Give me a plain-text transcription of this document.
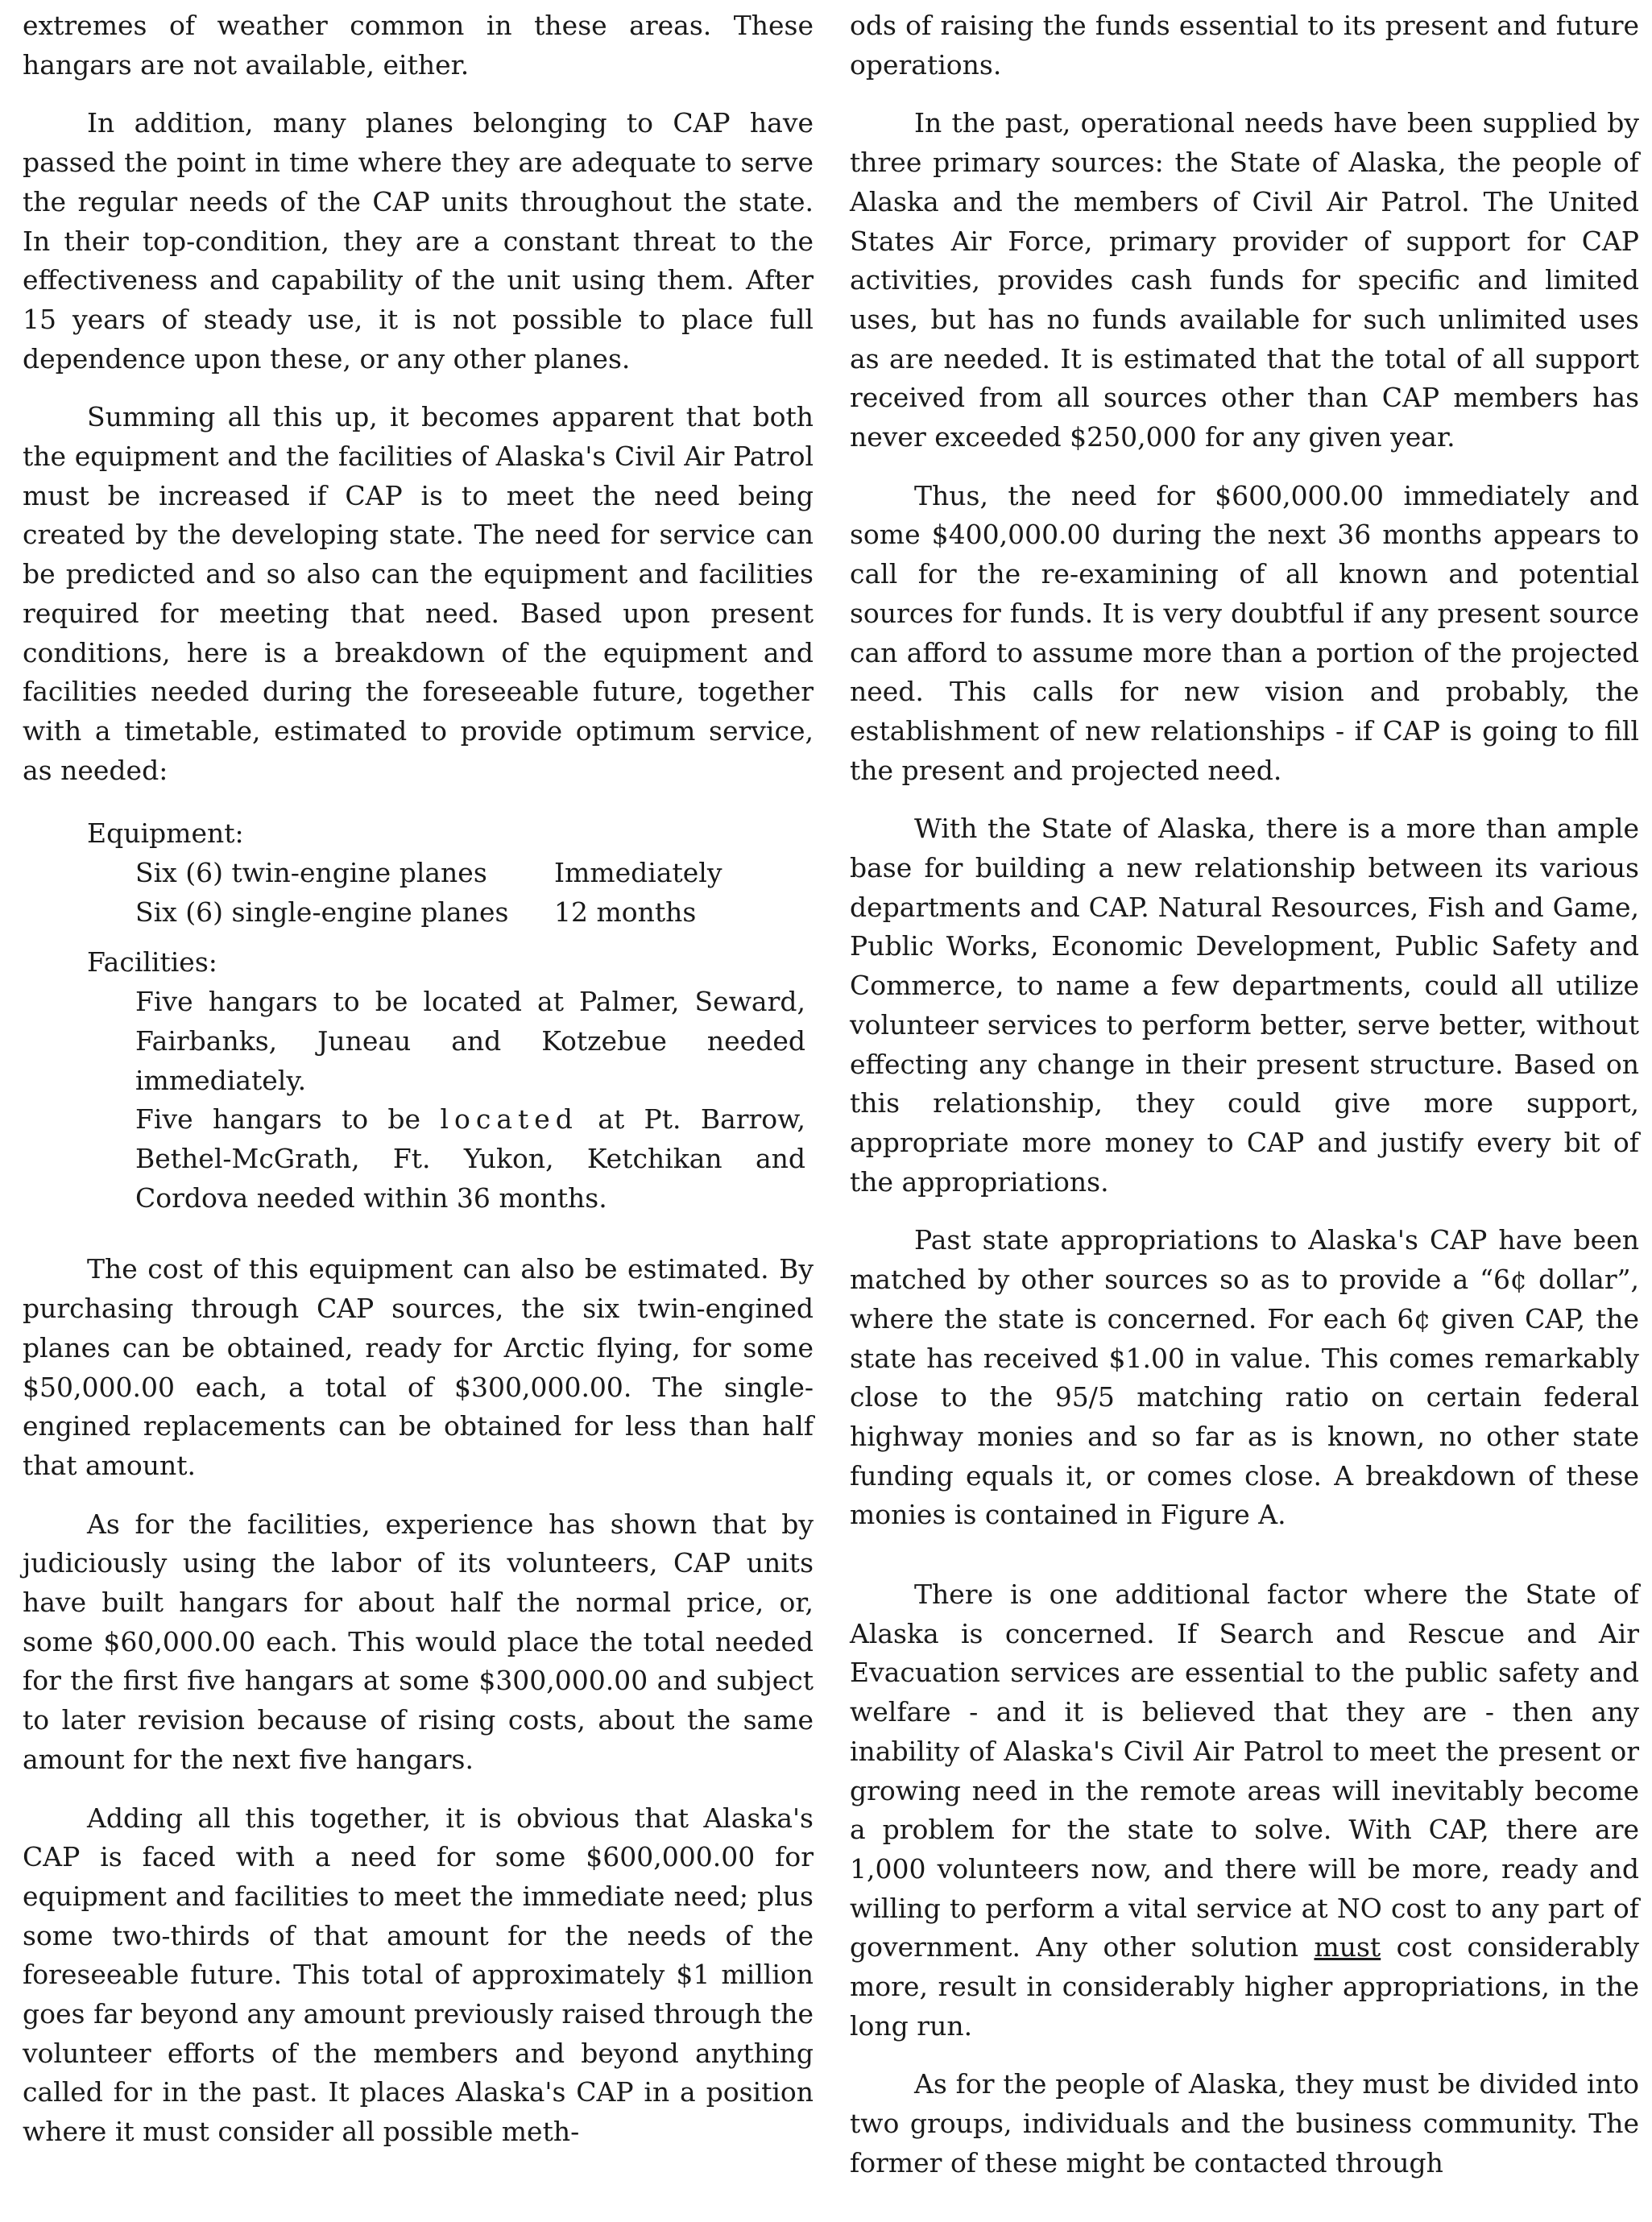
extremes of weather common in these areas. These hangars are not available, either.

In addition, many planes belonging to CAP have passed the point in time where they are adequate to serve the regular needs of the CAP units throughout the state. In their top-condition, they are a constant threat to the effectiveness and capability of the unit using them. After 15 years of steady use, it is not possible to place full dependence upon these, or any other planes.

Summing all this up, it becomes apparent that both the equipment and the facilities of Alaska's Civil Air Patrol must be increased if CAP is to meet the need being created by the developing state. The need for service can be predicted and so also can the equipment and facilities required for meeting that need. Based upon present conditions, here is a breakdown of the equipment and facilities needed during the foreseeable future, together with a timetable, estimated to provide optimum service, as needed:

Equipment:
Six (6) twin-engine planes	Immediately
Six (6) single-engine planes	12 months
Facilities:
Five hangars to be located at Palmer, Seward, Fairbanks, Juneau and Kotzebue needed immediately.
Five hangars to be located at Pt. Barrow, Bethel-McGrath, Ft. Yukon, Ketchikan and Cordova needed within 36 months.

The cost of this equipment can also be estimated. By purchasing through CAP sources, the six twin-engined planes can be obtained, ready for Arctic flying, for some $50,000.00 each, a total of $300,000.00. The single-engined replacements can be obtained for less than half that amount.

As for the facilities, experience has shown that by judiciously using the labor of its volunteers, CAP units have built hangars for about half the normal price, or, some $60,000.00 each. This would place the total needed for the first five hangars at some $300,000.00 and subject to later revision because of rising costs, about the same amount for the next five hangars.

Adding all this together, it is obvious that Alaska's CAP is faced with a need for some $600,000.00 for equipment and facilities to meet the immediate need; plus some two-thirds of that amount for the needs of the foreseeable future. This total of approximately $1 million goes far beyond any amount previously raised through the volunteer efforts of the members and beyond anything called for in the past. It places Alaska's CAP in a position where it must consider all possible meth-

ods of raising the funds essential to its present and future operations.

In the past, operational needs have been supplied by three primary sources: the State of Alaska, the people of Alaska and the members of Civil Air Patrol. The United States Air Force, primary provider of support for CAP activities, provides cash funds for specific and limited uses, but has no funds available for such unlimited uses as are needed. It is estimated that the total of all support received from all sources other than CAP members has never exceeded $250,000 for any given year.

Thus, the need for $600,000.00 immediately and some $400,000.00 during the next 36 months appears to call for the re-examining of all known and potential sources for funds. It is very doubtful if any present source can afford to assume more than a portion of the projected need. This calls for new vision and probably, the establishment of new relationships - if CAP is going to fill the present and projected need.

With the State of Alaska, there is a more than ample base for building a new relationship between its various departments and CAP. Natural Resources, Fish and Game, Public Works, Economic Development, Public Safety and Commerce, to name a few departments, could all utilize volunteer services to perform better, serve better, without effecting any change in their present structure. Based on this relationship, they could give more support, appropriate more money to CAP and justify every bit of the appropriations.

Past state appropriations to Alaska's CAP have been matched by other sources so as to provide a “6¢ dollar”, where the state is concerned. For each 6¢ given CAP, the state has received $1.00 in value. This comes remarkably close to the 95/5 matching ratio on certain federal highway monies and so far as is known, no other state funding equals it, or comes close. A breakdown of these monies is contained in Figure A.

There is one additional factor where the State of Alaska is concerned. If Search and Rescue and Air Evacuation services are essential to the public safety and welfare - and it is believed that they are - then any inability of Alaska's Civil Air Patrol to meet the present or growing need in the remote areas will inevitably become a problem for the state to solve. With CAP, there are 1,000 volunteers now, and there will be more, ready and willing to perform a vital service at NO cost to any part of government. Any other solution must cost considerably more, result in considerably higher appropriations, in the long run.

As for the people of Alaska, they must be divided into two groups, individuals and the business community. The former of these might be contacted through
